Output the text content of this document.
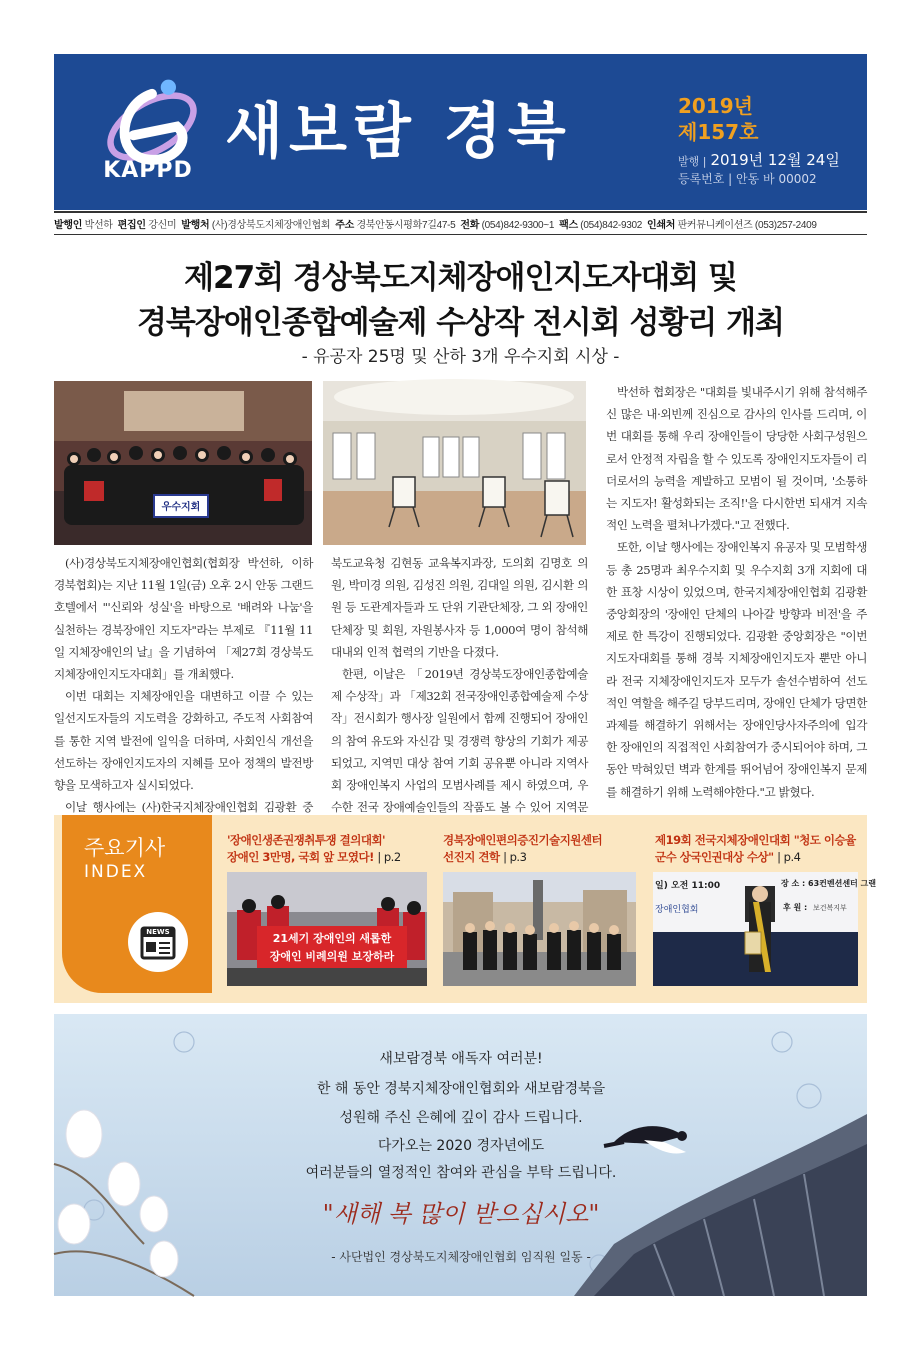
KAPPD
새보람 경북	2019년
제157호
발행 | 2019년 12월 24일
등록번호 | 안동 바 00002
발행인 박선하 편집인 강신미 발행처 (사)경상북도지체장애인협회 주소 경북안동시평화7길47-5 전화 (054)842-9300~1 팩스 (054)842-9302 인쇄처 판커뮤니케이션즈 (053)257-2409
제27회 경상북도지체장애인지도자대회 및
경북장애인종합예술제 수상작 전시회 성황리 개최
- 유공자 25명 및 산하 3개 우수지회 시상 -
우수지회

(사)경상북도지체장애인협회(협회장 박선하, 이하 경북협회)는 지난 11월 1일(금) 오후 2시 안동 그랜드호텔에서 "'신뢰와 성실'을 바탕으로 '배려와 나눔'을 실천하는 경북장애인 지도자"라는 부제로 『11월 11일 지체장애인의 날』을 기념하여 「제27회 경상북도지체장애인지도자대회」를 개최했다.

이번 대회는 지체장애인을 대변하고 이끌 수 있는 일선지도자들의 지도력을 강화하고, 주도적 사회참여를 통한 지역 발전에 일익을 더하며, 사회인식 개선을 선도하는 장애인지도자의 지혜를 모아 정책의 발전방향을 모색하고자 실시되었다.

이날 행사에는 (사)한국지체장애인협회 김광환 중

북도교육청 김현동 교육복지과장, 도의회 김명호 의원, 박미경 의원, 김성진 의원, 김대일 의원, 김시환 의원 등 도관계자들과 도 단위 기관단체장, 그 외 장애인단체장 및 회원, 자원봉사자 등 1,000여 명이 참석해 대내외 인적 협력의 기반을 다졌다.

한편, 이날은 「2019년 경상북도장애인종합예술제 수상작」과 「제32회 전국장애인종합예술제 수상작」전시회가 행사장 일원에서 함께 진행되어 장애인의 참여 유도와 자신감 및 경쟁력 향상의 기회가 제공 되었고, 지역민 대상 참여 기회 공유뿐 아니라 지역사회 장애인복지 사업의 모범사례를 제시 하였으며, 우수한 전국 장애예술인들의 작품도 볼 수 있어 지역문

박선하 협회장은 "대회를 빛내주시기 위해 참석해주신 많은 내·외빈께 진심으로 감사의 인사를 드리며, 이번 대회를 통해 우리 장애인들이 당당한 사회구성원으로서 안정적 자립을 할 수 있도록 장애인지도자들이 리더로서의 능력을 계발하고 모범이 될 것이며, '소통하는 지도자! 활성화되는 조직!'을 다시한번 되새겨 지속적인 노력을 펼쳐나가겠다."고 전했다.

또한, 이날 행사에는 장애인복지 유공자 및 모범학생 등 총 25명과 최우수지회 및 우수지회 3개 지회에 대한 표창 시상이 있었으며, 한국지체장애인협회 김광환 중앙회장의 '장애인 단체의 나아갈 방향과 비전'을 주제로 한 특강이 진행되었다. 김광환 중앙회장은 "이번 지도자대회를 통해 경북 지체장애인지도자 뿐만 아니라 전국 지체장애인지도자 모두가 솔선수범하여 선도적인 역할을 해주길 당부드리며, 장애인 단체가 당면한 과제를 해결하기 위해서는 장애인당사자주의에 입각한 장애인의 직접적인 사회참여가 중시되어야 하며, 그동안 막혀있던 벽과 한계를 뛰어넘어 장애인복지 문제를 해결하기 위해 노력해야한다."고 밝혔다.

주요기사
INDEX
NEWS
'장애인생존권쟁취투쟁 결의대회'
장애인 3만명, 국회 앞 모였다! | p.2
경북장애인편의증진기술지원센터
선진지 견학 | p.3
제19회 전국지체장애인대회 "청도 이승율
군수 상국인권대상 수상" | p.4
21세기 장애인의 새롭한
장애인 비례의원 보장하라
일) 오전 11:00	장 소 : 63컨벤션센터 그랜
장애인협회	후 원 : 보건복지부
새보람경북 애독자 여러분!
한 해 동안 경북지체장애인협회와 새보람경북을
성원해 주신 은혜에 깊이 감사 드립니다.
다가오는 2020 경자년에도
여러분들의 열정적인 참여와 관심을 부탁 드립니다.
"새해 복 많이 받으십시오"
- 사단법인 경상북도지체장애인협회 임직원 일동 -
